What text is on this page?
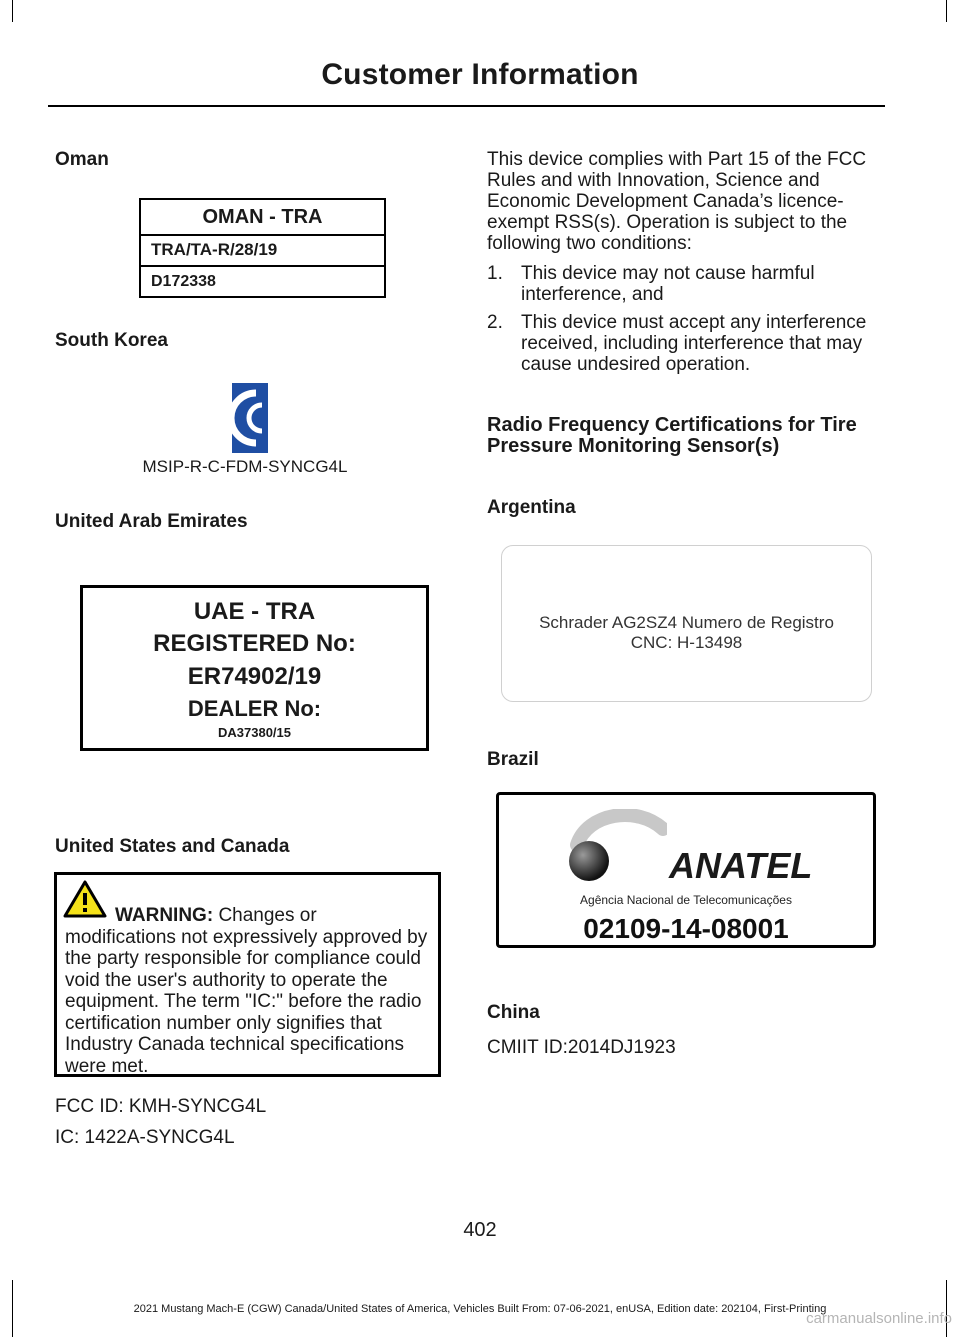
Customer Information
Oman
OMAN - TRA
TRA/TA-R/28/19
D172338
South Korea
MSIP-R-C-FDM-SYNCG4L
United Arab Emirates
UAE - TRA
REGISTERED No:
ER74902/19
DEALER No:
DA37380/15
United States and Canada
WARNING: Changes or modifications not expressively approved by the party responsible for compliance could void the user's authority to operate the equipment. The term "IC:" before the radio certification number only signifies that Industry Canada technical specifications were met.
FCC ID: KMH-SYNCG4L
IC: 1422A-SYNCG4L
This device complies with Part 15 of the FCC Rules and with Innovation, Science and Economic Development Canada’s licence-exempt RSS(s). Operation is subject to the following two conditions:
1. This device may not cause harmful interference, and
2. This device must accept any interference received, including interference that may cause undesired operation.
Radio Frequency Certifications for Tire Pressure Monitoring Sensor(s)
Argentina
Schrader AG2SZ4 Numero de Registro
CNC: H-13498
Brazil
ANATEL
Agência Nacional de Telecomunicações
02109-14-08001
China
CMIIT ID:2014DJ1923
402
2021 Mustang Mach-E (CGW) Canada/United States of America, Vehicles Built From: 07-06-2021, enUSA, Edition date: 202104, First-Printing
carmanualsonline.info
